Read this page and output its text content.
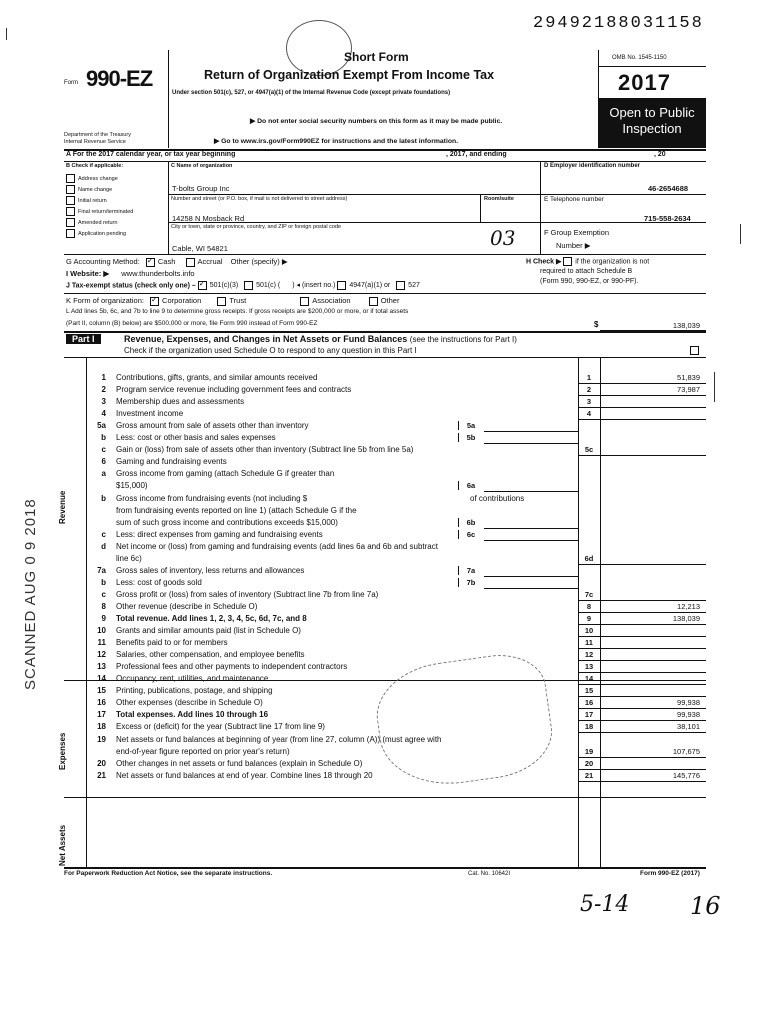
29492188031158
Form 990-EZ
Department of the Treasury
Internal Revenue Service
Short Form
Return of Organization Exempt From Income Tax
Under section 501(c), 527, or 4947(a)(1) of the Internal Revenue Code (except private foundations)
▶ Do not enter social security numbers on this form as it may be made public.
▶ Go to www.irs.gov/Form990EZ for instructions and the latest information.
OMB No. 1545-1150
2017
Open to Public Inspection
A For the 2017 calendar year, or tax year beginning	, 2017, and ending	, 20
B Check if applicable:
Address change
Name change
Initial return
Final return/terminated
Amended return
Application pending
C Name of organization
T-bolts Group Inc
Number and street (or P.O. box, if mail is not delivered to street address)	Room/suite
14258 N Mosback Rd
City or town, state or province, country, and ZIP or foreign postal code
Cable, WI 54821	03
D Employer identification number
46-2654688
E Telephone number
715-558-2634
F Group Exemption
Number ▶
G Accounting Method: ✓ Cash	Accrual Other (specify) ▶	H Check ▶ if the organization is not
required to attach Schedule B
(Form 990, 990-EZ, or 990-PF).
I Website: ▶ www.thunderbolts.info
J Tax-exempt status (check only one) – ✓ 501(c)(3)	501(c) ( ) ◂ (insert no.) 4947(a)(1) or	527
K Form of organization: ✓ Corporation	Trust	Association	Other
L Add lines 5b, 6c, and 7b to line 9 to determine gross receipts. If gross receipts are $200,000 or more, or if total assets
(Part II, column (B) below) are $500,000 or more, file Form 990 instead of Form 990-EZ	$	138,039
Part I	Revenue, Expenses, and Changes in Net Assets or Fund Balances (see the instructions for Part I)
Check if the organization used Schedule O to respond to any question in this Part I
Revenue
Expenses
Net Assets
1 Contributions, gifts, grants, and similar amounts received	1	51,839
2 Program service revenue including government fees and contracts	2	73,987
3 Membership dues and assessments	3
4 Investment income	4
5a Gross amount from sale of assets other than inventory	5a
b Less: cost or other basis and sales expenses	5b
c Gain or (loss) from sale of assets other than inventory (Subtract line 5b from line 5a)	5c
6 Gaming and fundraising events
a Gross income from gaming (attach Schedule G if greater than
$15,000)	6a
b Gross income from fundraising events (not including $	of contributions
from fundraising events reported on line 1) (attach Schedule G if the
sum of such gross income and contributions exceeds $15,000)	6b
c Less: direct expenses from gaming and fundraising events	6c
d Net income or (loss) from gaming and fundraising events (add lines 6a and 6b and subtract
line 6c)	6d
7a Gross sales of inventory, less returns and allowances	7a
b Less: cost of goods sold	7b
c Gross profit or (loss) from sales of inventory (Subtract line 7b from line 7a)	7c
8 Other revenue (describe in Schedule O)	8	12,213
9 Total revenue. Add lines 1, 2, 3, 4, 5c, 6d, 7c, and 8	9	138,039
10 Grants and similar amounts paid (list in Schedule O)	10
11 Benefits paid to or for members	11
12 Salaries, other compensation, and employee benefits	12
13 Professional fees and other payments to independent contractors	13
14 Occupancy, rent, utilities, and maintenance	14
15 Printing, publications, postage, and shipping	15
16 Other expenses (describe in Schedule O)	16	99,938
17 Total expenses. Add lines 10 through 16	17	99,938
18 Excess or (deficit) for the year (Subtract line 17 from line 9)	18	38,101
19 Net assets or fund balances at beginning of year (from line 27, column (A)) (must agree with
end-of-year figure reported on prior year's return)	19	107,675
20 Other changes in net assets or fund balances (explain in Schedule O)	20
21 Net assets or fund balances at end of year. Combine lines 18 through 20	21	145,776
For Paperwork Reduction Act Notice, see the separate instructions.	Cat. No. 10642I	Form 990-EZ (2017)
SCANNED AUG 0 9 2018
5-14	16
